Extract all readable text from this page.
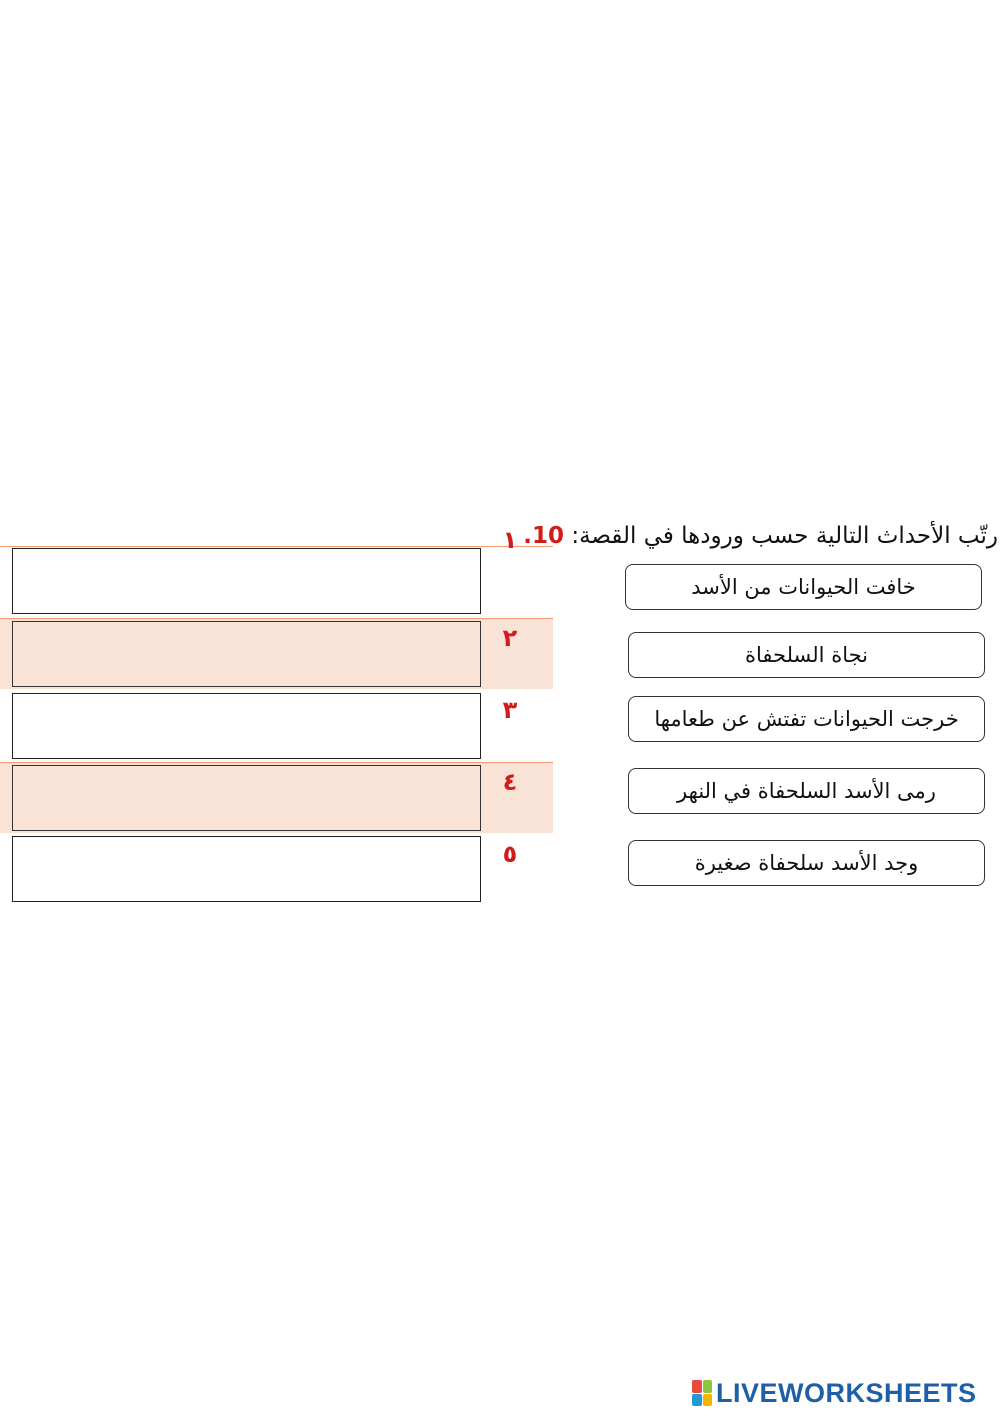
رتّب الأحداث التالية حسب ورودها في القصة: 10.
١
٢
٣
٤
٥
خافت الحيوانات من الأسد
نجاة السلحفاة
خرجت الحيوانات تفتش عن طعامها
رمى الأسد السلحفاة في النهر
وجد الأسد سلحفاة صغيرة
LIVEWORKSHEETS
